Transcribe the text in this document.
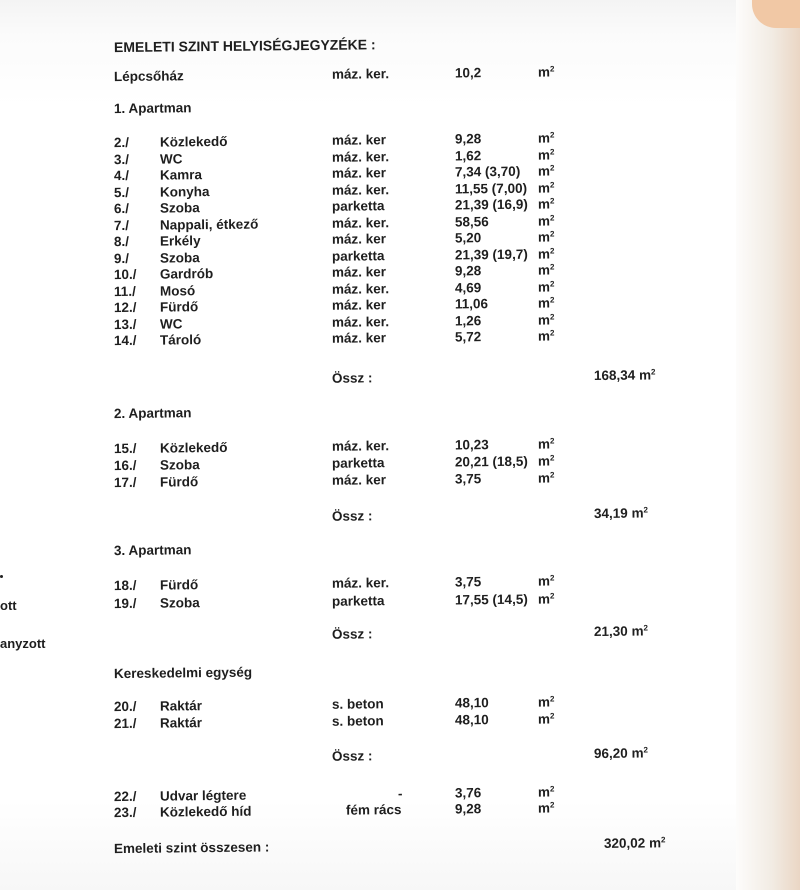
ott
anyzott
EMELETI SZINT HELYISÉGJEGYZÉKE :
Lépcsőház	máz. ker.	10,2	$m^2$
1. Apartman
2./ Közlekedő	máz. ker	9,28	$m^2$
3./ WC	máz. ker.	1,62	$m^2$
4./ Kamra	máz. ker	7,34 (3,70) $m^2$
5./ Konyha	máz. ker.	11,55 (7,00) $m^2$
6./ Szoba	parketta	21,39 (16,9) $m^2$
7./ Nappali, étkező	máz. ker.	58,56	$m^2$
8./ Erkély	máz. ker	5,20	$m^2$
9./ Szoba	parketta	21,39 (19,7) $m^2$
10./ Gardrób	máz. ker	9,28	$m^2$
11./ Mosó	máz. ker.	4,69	$m^2$
12./ Fürdő	máz. ker	11,06	$m^2$
13./ WC	máz. ker.	1,26	$m^2$
14./ Tároló	máz. ker	5,72	$m^2$
Össz :	168,34 $m^2$
2. Apartman
15./ Közlekedő	máz. ker.	10,23	$m^2$
16./ Szoba	parketta	20,21 (18,5) $m^2$
17./ Fürdő	máz. ker	3,75	$m^2$
Össz :	34,19 $m^2$
3. Apartman
18./ Fürdő	máz. ker.	3,75	$m^2$
19./ Szoba	parketta	17,55 (14,5) $m^2$
Össz :	21,30 $m^2$
Kereskedelmi egység
20./ Raktár	s. beton	48,10	$m^2$
21./ Raktár	s. beton	48,10	$m^2$
Össz :	96,20 $m^2$
22./ Udvar légtere	-	3,76	$m^2$
23./ Közlekedő híd	fém rács	9,28	$m^2$
Emeleti szint összesen :	320,02 $m^2$
